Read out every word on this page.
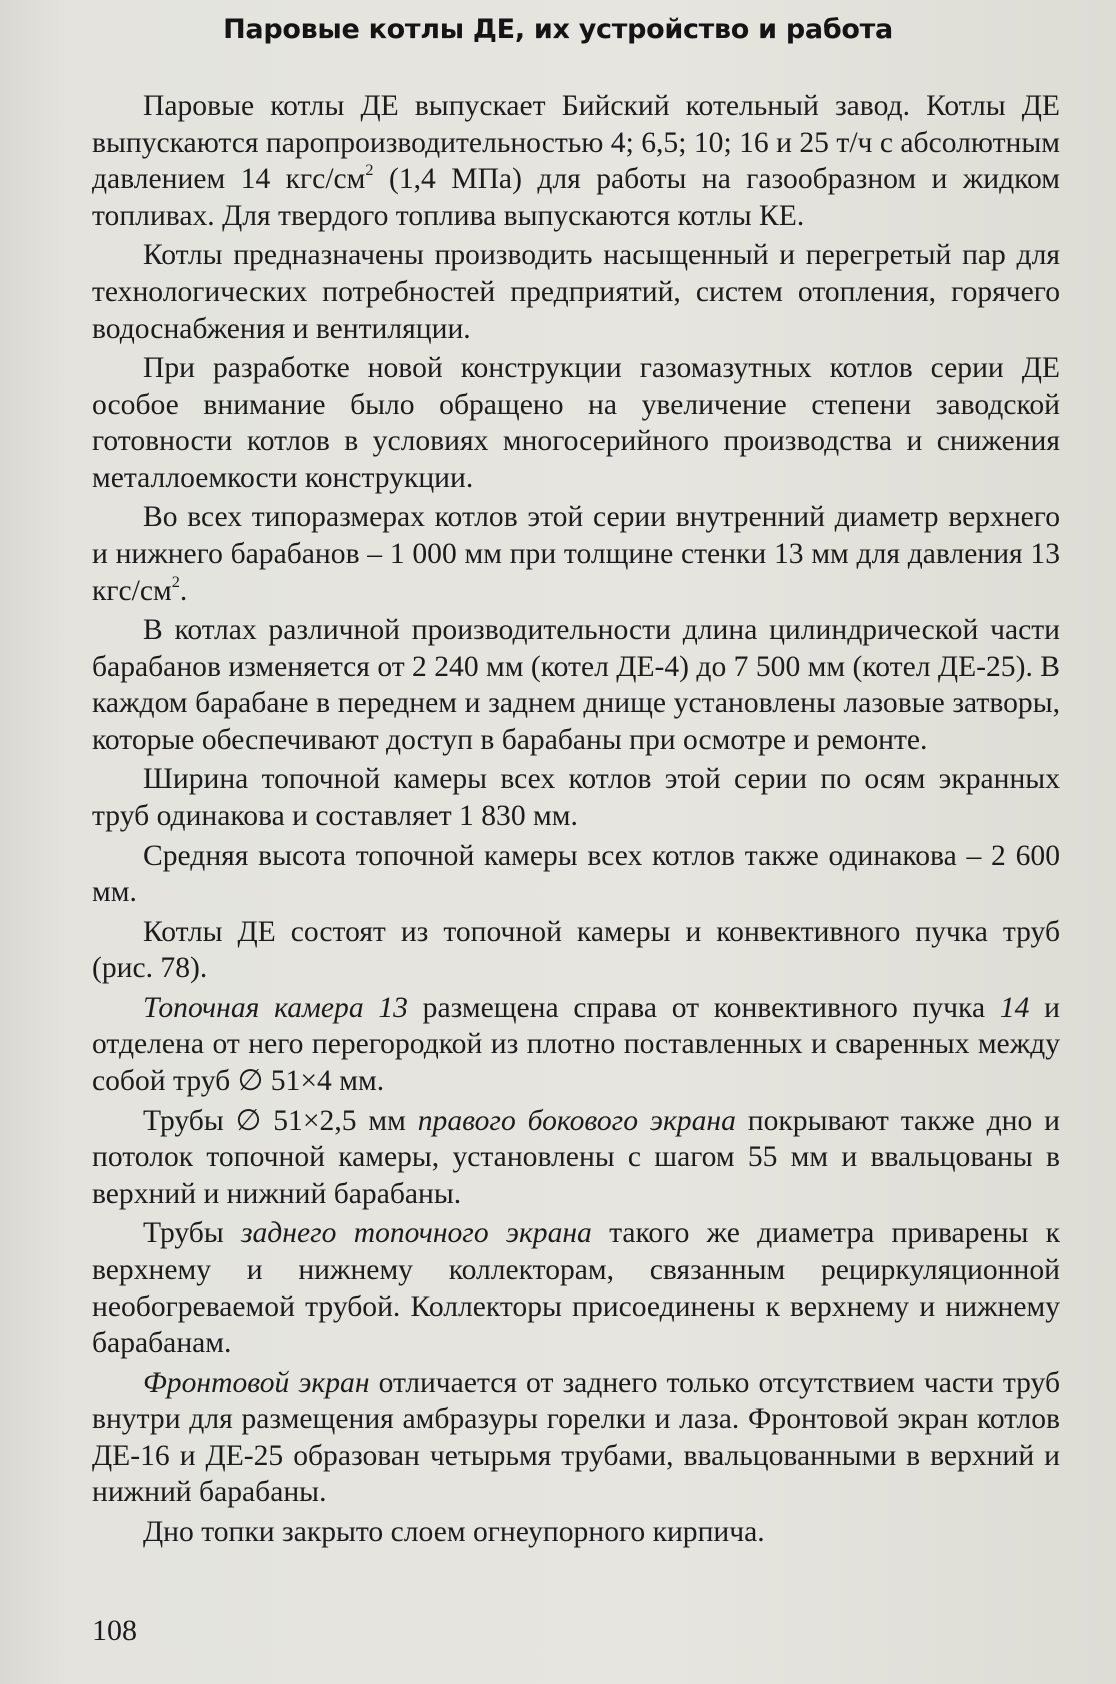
Паровые котлы ДЕ, их устройство и работа

Паровые котлы ДЕ выпускает Бийский котельный завод. Котлы ДЕ выпускаются паропроизводительностью 4; 6,5; 10; 16 и 25 т/ч с абсолютным давлением 14 кгс/$см^2$ (1,4 МПа) для работы на газообразном и жидком топливах. Для твердого топлива выпускаются котлы КЕ.

Котлы предназначены производить насыщенный и перегретый пар для технологических потребностей предприятий, систем отопления, горячего водоснабжения и вентиляции.

При разработке новой конструкции газомазутных котлов серии ДЕ особое внимание было обращено на увеличение степени заводской готовности котлов в условиях многосерийного производства и снижения металлоемкости конструкции.

Во всех типоразмерах котлов этой серии внутренний диаметр верхнего и нижнего барабанов – 1 000 мм при толщине стенки 13 мм для давления 13 кгс/$см^2$.

В котлах различной производительности длина цилиндрической части барабанов изменяется от 2 240 мм (котел ДЕ-4) до 7 500 мм (котел ДЕ-25). В каждом барабане в переднем и заднем днище установлены лазовые затворы, которые обеспечивают доступ в барабаны при осмотре и ремонте.

Ширина топочной камеры всех котлов этой серии по осям экранных труб одинакова и составляет 1 830 мм.

Средняя высота топочной камеры всех котлов также одинакова – 2 600 мм.

Котлы ДЕ состоят из топочной камеры и конвективного пучка труб (рис. 78).

Топочная камера 13 размещена справа от конвективного пучка 14 и отделена от него перегородкой из плотно поставленных и сваренных между собой труб ∅ 51×4 мм.

Трубы ∅ 51×2,5 мм правого бокового экрана покрывают также дно и потолок топочной камеры, установлены с шагом 55 мм и ввальцованы в верхний и нижний барабаны.

Трубы заднего топочного экрана такого же диаметра приварены к верхнему и нижнему коллекторам, связанным рециркуляционной необогреваемой трубой. Коллекторы присоединены к верхнему и нижнему барабанам.

Фронтовой экран отличается от заднего только отсутствием части труб внутри для размещения амбразуры горелки и лаза. Фронтовой экран котлов ДЕ-16 и ДЕ-25 образован четырьмя трубами, ввальцованными в верхний и нижний барабаны.

Дно топки закрыто слоем огнеупорного кирпича.

108
